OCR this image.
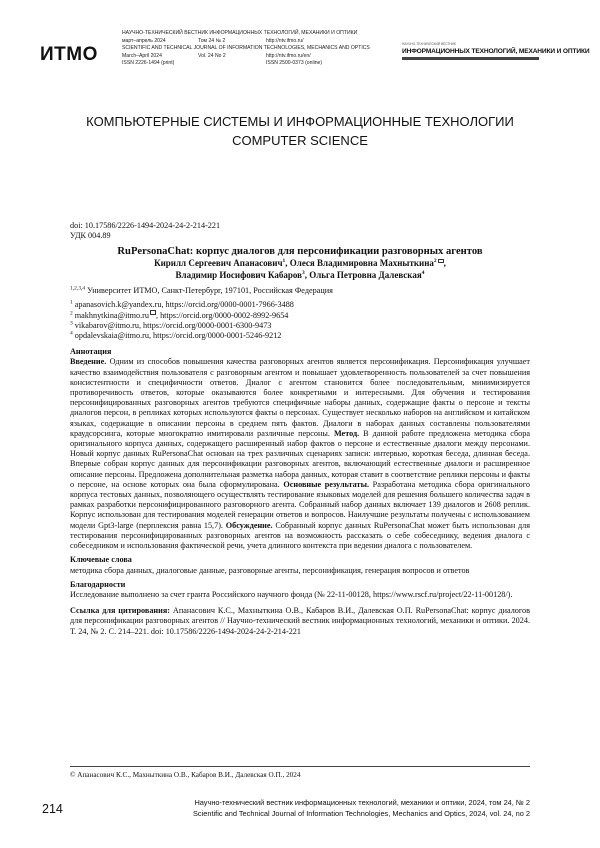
ИТМО
НАУЧНО-ТЕХНИЧЕСКИЙ ВЕСТНИК ИНФОРМАЦИОННЫХ ТЕХНОЛОГИЙ, МЕХАНИКИ И ОПТИКИ
март–апрель 2024	Том 24 № 2	http://ntv.ifmo.ru/
SCIENTIFIC AND TECHNICAL JOURNAL OF INFORMATION TECHNOLOGIES, MECHANICS AND OPTICS
March–April 2024	Vol. 24 No 2	http://ntv.ifmo.ru/en/
ISSN 2226-1494 (print)	ISSN 2500-0373 (online)
НАУЧНО-ТЕХНИЧЕСКИЙ ВЕСТНИК
ИНФОРМАЦИОННЫХ ТЕХНОЛОГИЙ, МЕХАНИКИ И ОПТИКИ
КОМПЬЮТЕРНЫЕ СИСТЕМЫ И ИНФОРМАЦИОННЫЕ ТЕХНОЛОГИИ
COMPUTER SCIENCE

doi: 10.17586/2226-1494-2024-24-2-214-221

УДК 004.89

RuPersonaChat: корпус диалогов для персонификации разговорных агентов

Кирилл Сергеевич Апанасович$^1$, Олеся Владимировна Махныткина$^2$ ,
Владимир Иосифович Кабаров$^3$, Ольга Петровна Далевская$^4$

$^{1,2,3,4}$ Университет ИТМО, Санкт-Петербург, 197101, Российская Федерация

$^1$ apanasovich.k@yandex.ru, https://orcid.org/0000-0001-7966-3488

$^2$ makhnytkina@itmo.ru , https://orcid.org/0000-0002-8992-9654

$^3$ vikabarov@itmo.ru, https://orcid.org/0000-0001-6300-9473

$^4$ opdalevskaia@itmo.ru, https://orcid.org/0000-0001-5246-9212

Аннотация

Введение. Одним из способов повышения качества разговорных агентов является персонификация. Персонификация улучшает качество взаимодействия пользователя с разговорным агентом и повышает удовлетворенность пользователей за счет повышения консистентности и специфичности ответов. Диалог с агентом становится более последовательным, минимизируется противоречивость ответов, которые оказываются более конкретными и интересными. Для обучения и тестирования персонифицированных разговорных агентов требуются специфичные наборы данных, содержащие факты о персоне и тексты диалогов персон, в репликах которых используются факты о персонах. Существует несколько наборов на английском и китайском языках, содержащие в описании персоны в среднем пять фактов. Диалоги в наборах данных составлены пользователями краудсорсинга, которые многократно имитировали различные персоны. Метод. В данной работе предложена методика сбора оригинального корпуса данных, содержащего расширенный набор фактов о персоне и естественные диалоги между персонами. Новый корпус данных RuPersonaChat основан на трех различных сценариях записи: интервью, короткая беседа, длинная беседа. Впервые собран корпус данных для персонификации разговорных агентов, включающий естественные диалоги и расширенное описание персоны. Предложена дополнительная разметка набора данных, которая ставит в соответствие реплики персоны и факты о персоне, на основе которых она была сформулирована. Основные результаты. Разработана методика сбора оригинального корпуса тестовых данных, позволяющего осуществлять тестирование языковых моделей для решения большего количества задач в рамках разработки персонифицированного разговорного агента. Собранный набор данных включает 139 диалогов и 2608 реплик. Корпус использован для тестирования моделей генерации ответов и вопросов. Наилучшие результаты получены с использованием модели Gpt3-large (перплексия равна 15,7). Обсуждение. Собранный корпус данных RuPersonaChat может быть использован для тестирования персонифицированных разговорных агентов на возможность рассказать о себе собеседнику, ведения диалога с собеседником и использования фактической речи, учета длинного контекста при ведении диалога с пользователем.

Ключевые слова

методика сбора данных, диалоговые данные, разговорные агенты, персонификация, генерация вопросов и ответов

Благодарности

Исследование выполнено за счет гранта Российского научного фонда (№ 22-11-00128, https://www.rscf.ru/project/22-11-00128/).

Ссылка для цитирования: Апанасович К.С., Махныткина О.В., Кабаров В.И., Далевская О.П. RuPersonaChat: корпус диалогов для персонификации разговорных агентов // Научно-технический вестник информационных технологий, механики и оптики. 2024. Т. 24, № 2. С. 214–221. doi: 10.17586/2226-1494-2024-24-2-214-221

© Апанасович К.С., Махныткина О.В., Кабаров В.И., Далевская О.П., 2024
214	Научно-технический вестник информационных технологий, механики и оптики, 2024, том 24, № 2
Scientific and Technical Journal of Information Technologies, Mechanics and Optics, 2024, vol. 24, no 2
